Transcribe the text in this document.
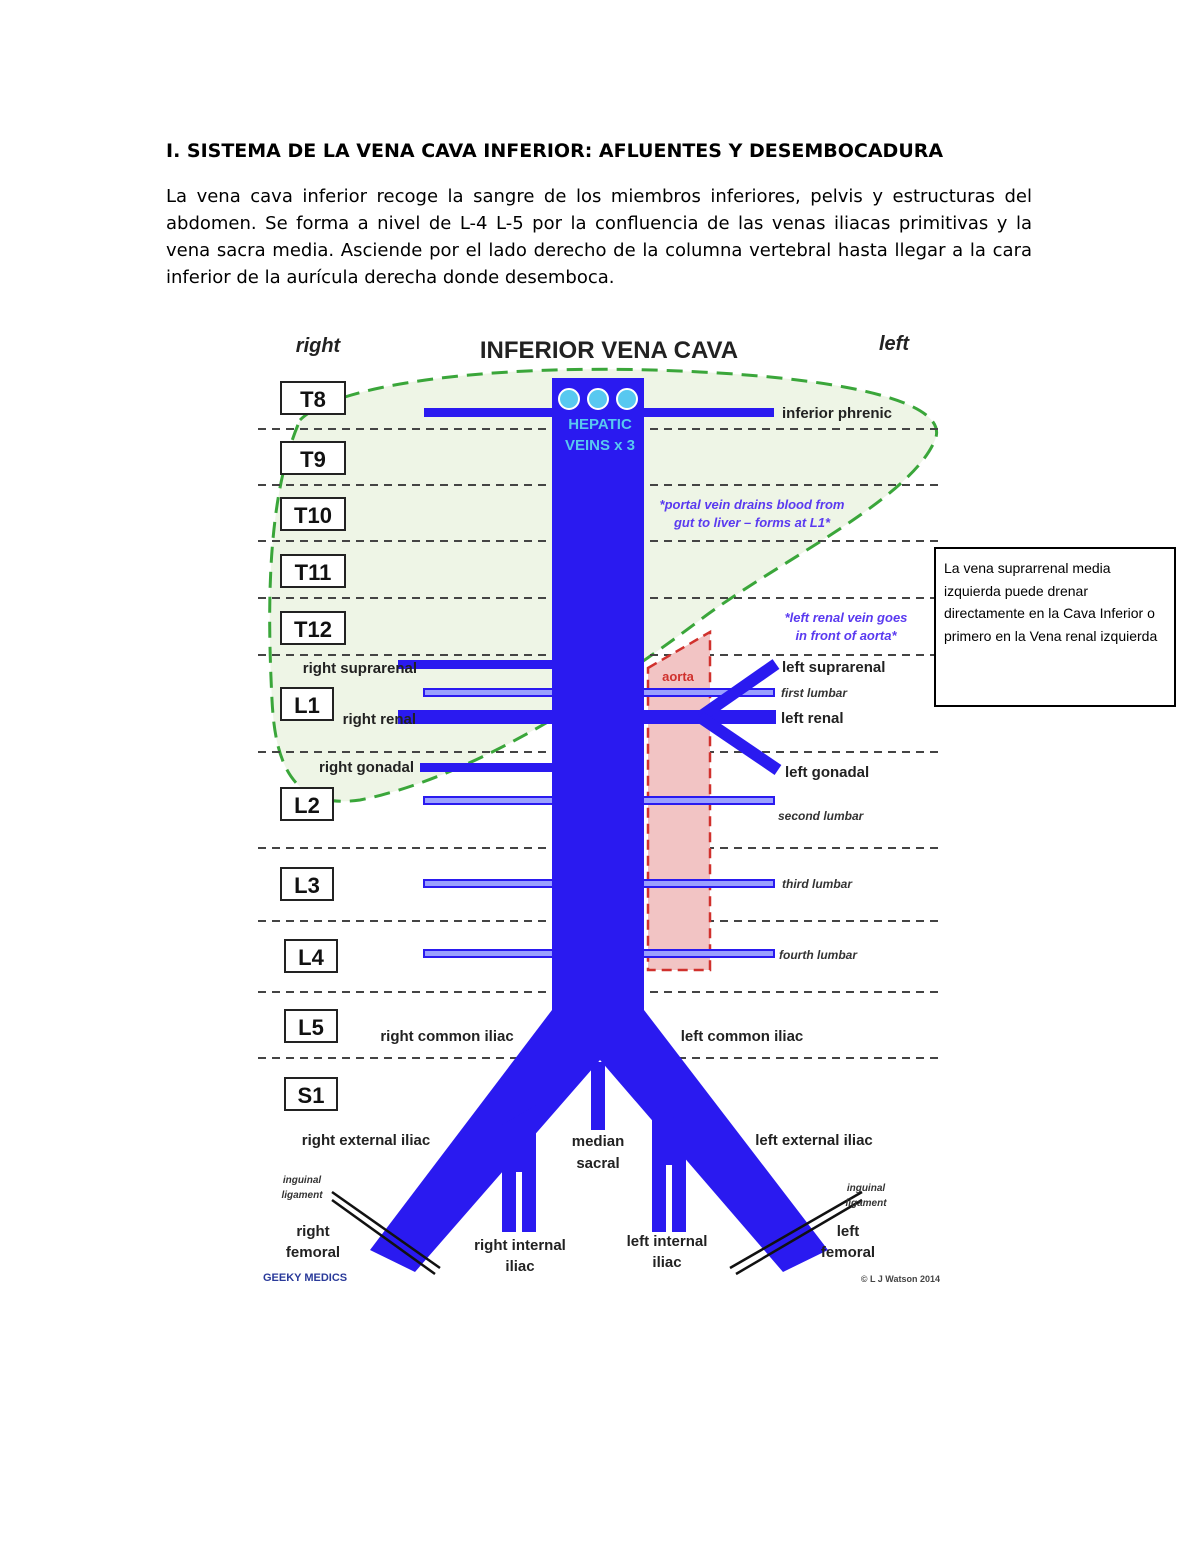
I. SISTEMA DE LA VENA CAVA INFERIOR: AFLUENTES Y DESEMBOCADURA

La vena cava inferior recoge la sangre de los miembros inferiores, pelvis y estructuras del abdomen. Se forma a nivel de L-4 L-5 por la confluencia de las venas iliacas primitivas y la vena sacra media. Asciende por el lado derecho de la columna vertebral hasta llegar a la cara inferior de la aurícula derecha donde desemboca.

HEPATIC
VEINS x 3
INFERIOR VENA CAVA
right	left
T8
T9
T10
T11
T12
L1
L2
L3
L4
L5
S1
*portal vein drains blood from
gut to liver – forms at L1*
*left renal vein goes
in front of aorta*
aorta
inferior phrenic
right suprarenal	left suprarenal
first lumbar
right renal	left renal
right gonadal	left gonadal
second lumbar
third lumbar
fourth lumbar
right common iliac	left common iliac
right external iliac	left external iliac
median
sacral
inguinal
ligament
inguinal
ligament
right
femoral
left
femoral
right internal
iliac
left internal
iliac
GEEKY MEDICS	© L J Watson 2014
La vena suprarrenal media izquierda puede drenar directamente en la Cava Inferior o primero en la Vena renal izquierda
